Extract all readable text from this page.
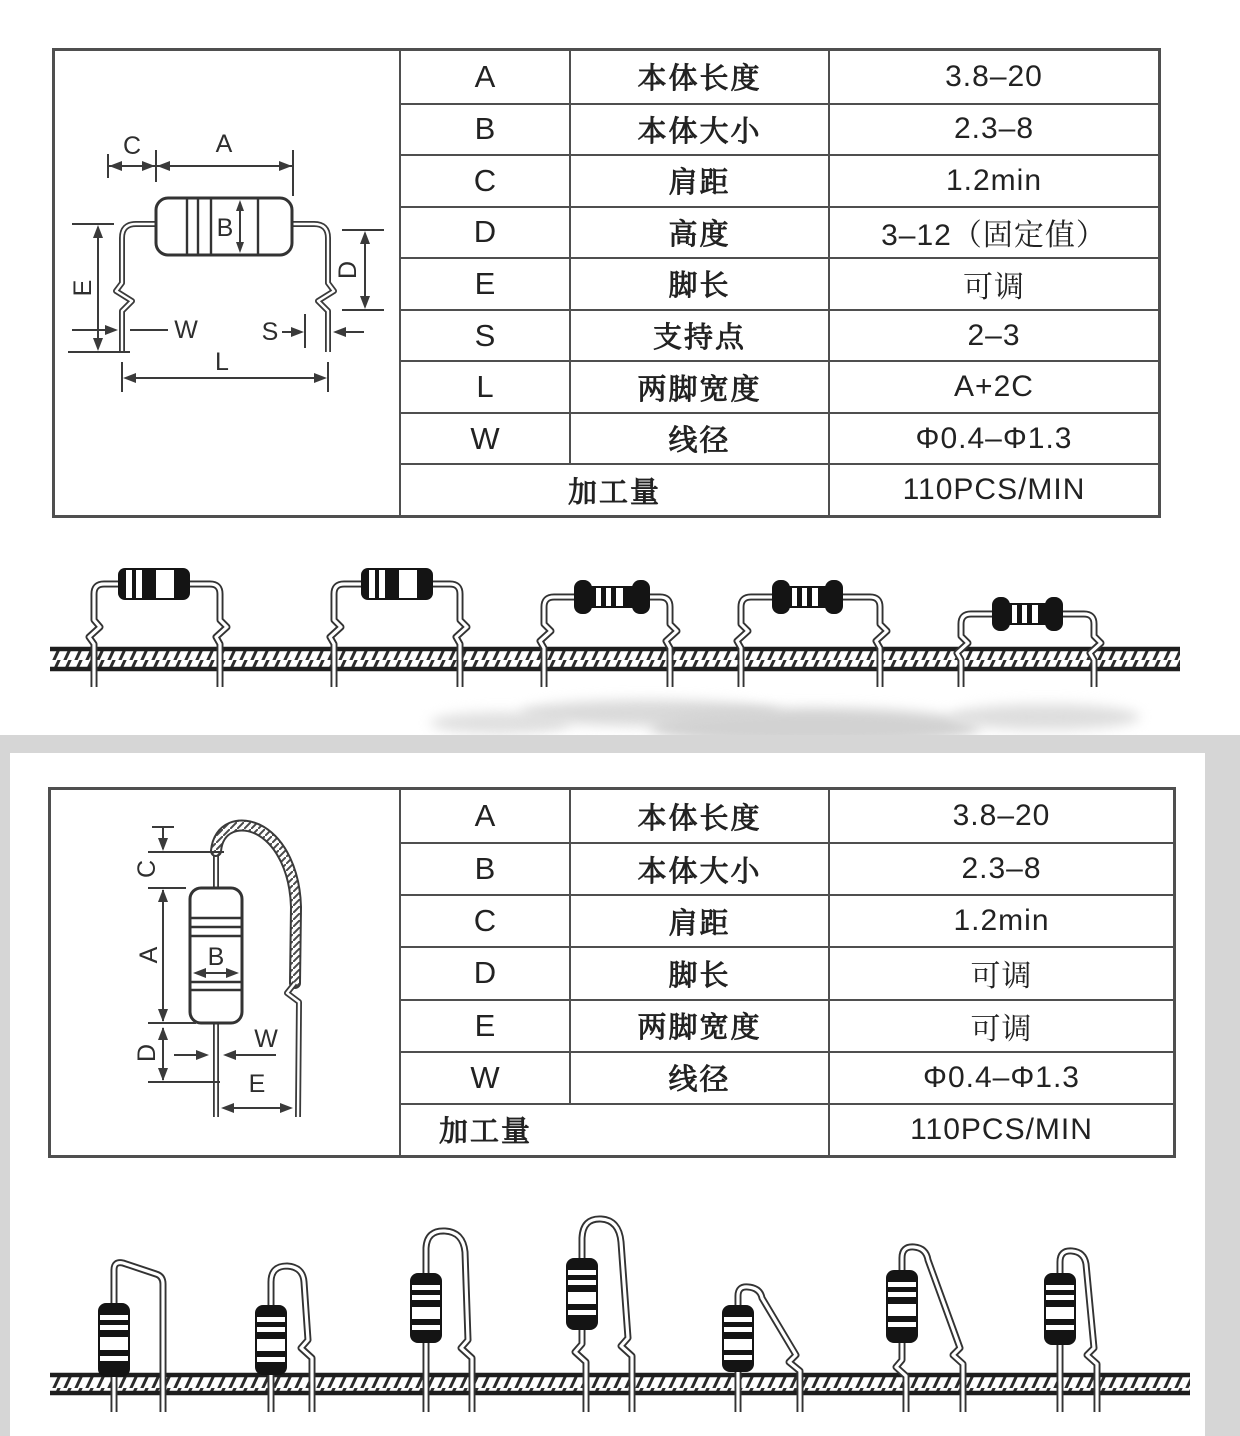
A	本体长度	3.8–20
B	本体大小	2.3–8
C	肩距	1.2min
D	高度	3–12（固定值）
E	脚长	可调
S	支持点	2–3
L	两脚宽度	A+2C
W	线径	Φ0.4–Φ1.3
加工量	110PCS/MIN
B
C	A
E
D
W	S
L
A	本体长度	3.8–20
B	本体大小	2.3–8
C	肩距	1.2min
D	脚长	可调
E	两脚宽度	可调
W	线径	Φ0.4–Φ1.3
加工量	110PCS/MIN
B
C
A
D	W
E
